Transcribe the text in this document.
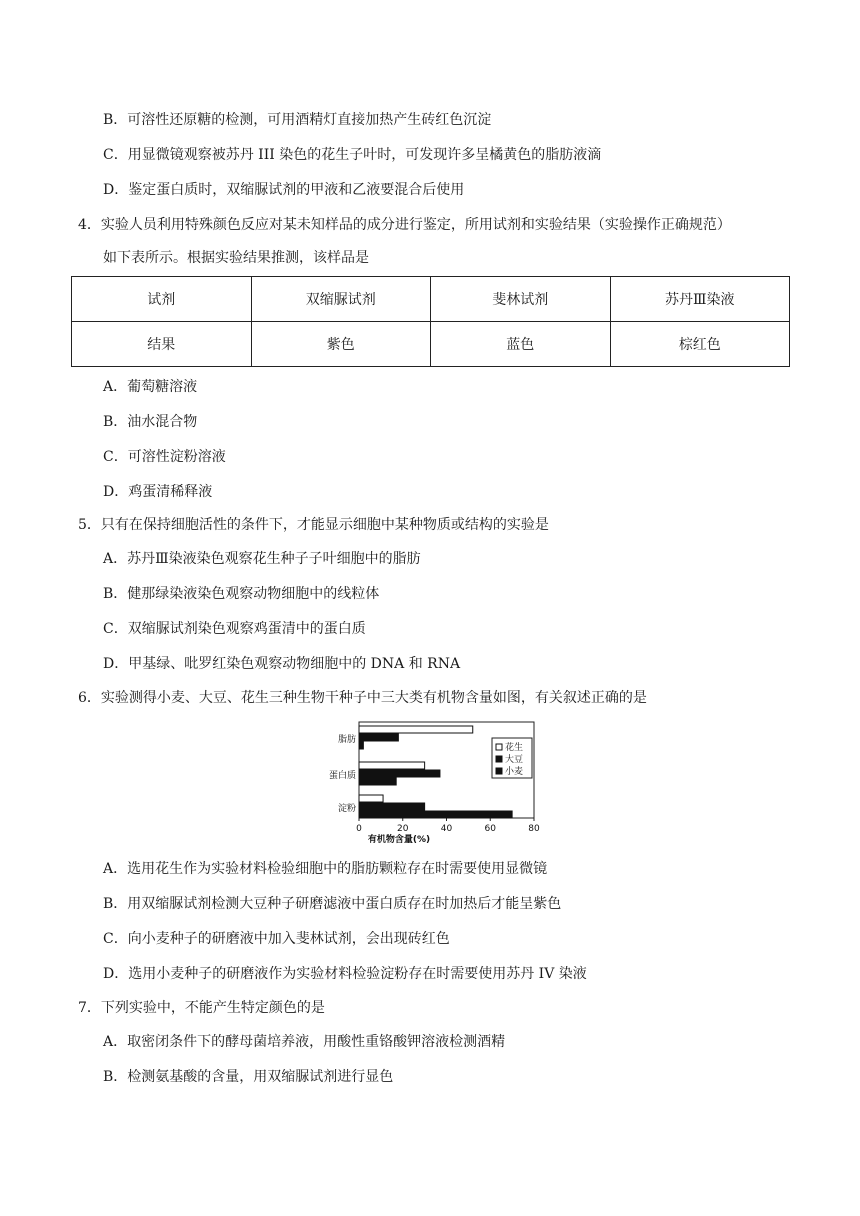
B．可溶性还原糖的检测，可用酒精灯直接加热产生砖红色沉淀
C．用显微镜观察被苏丹 III 染色的花生子叶时，可发现许多呈橘黄色的脂肪液滴
D．鉴定蛋白质时，双缩脲试剂的甲液和乙液要混合后使用
4．实验人员利用特殊颜色反应对某未知样品的成分进行鉴定，所用试剂和实验结果（实验操作正确规范）
如下表所示。根据实验结果推测，该样品是
试剂	双缩脲试剂	斐林试剂	苏丹Ⅲ染液
结果	紫色	蓝色	棕红色
A．葡萄糖溶液
B．油水混合物
C．可溶性淀粉溶液
D．鸡蛋清稀释液
5．只有在保持细胞活性的条件下，才能显示细胞中某种物质或结构的实验是
A．苏丹Ⅲ染液染色观察花生种子子叶细胞中的脂肪
B．健那绿染液染色观察动物细胞中的线粒体
C．双缩脲试剂染色观察鸡蛋清中的蛋白质
D．甲基绿、吡罗红染色观察动物细胞中的 DNA 和 RNA
6．实验测得小麦、大豆、花生三种生物干种子中三大类有机物含量如图，有关叙述正确的是
脂肪
蛋白质
淀粉
0	20	40	60	80
有机物含量(%)
花生
大豆
小麦
A．选用花生作为实验材料检验细胞中的脂肪颗粒存在时需要使用显微镜
B．用双缩脲试剂检测大豆种子研磨滤液中蛋白质存在时加热后才能呈紫色
C．向小麦种子的研磨液中加入斐林试剂，会出现砖红色
D．选用小麦种子的研磨液作为实验材料检验淀粉存在时需要使用苏丹 IV 染液
7．下列实验中，不能产生特定颜色的是
A．取密闭条件下的酵母菌培养液，用酸性重铬酸钾溶液检测酒精
B．检测氨基酸的含量，用双缩脲试剂进行显色
